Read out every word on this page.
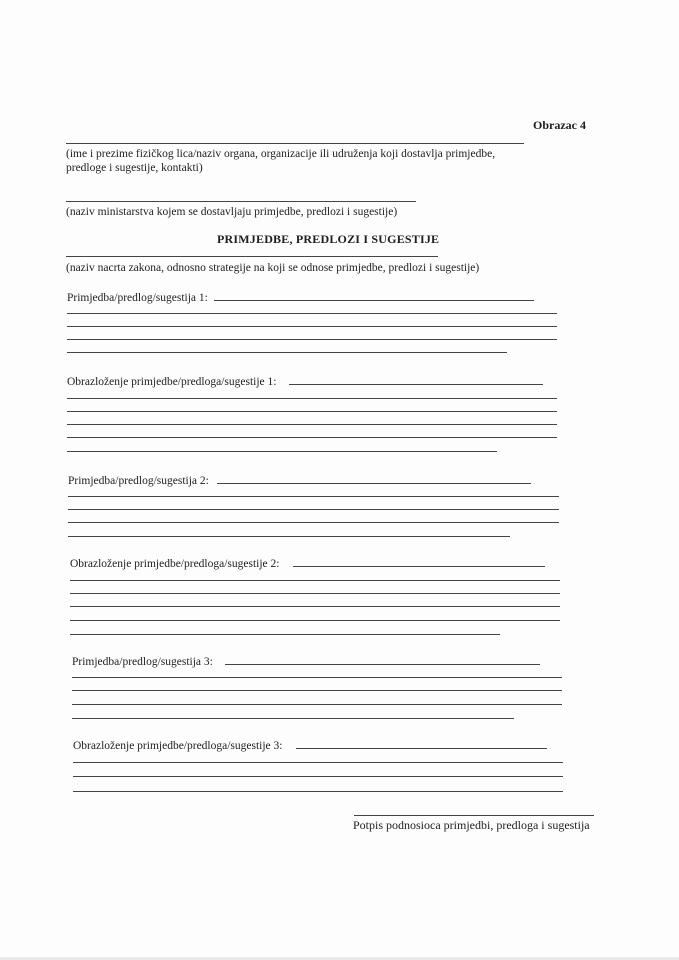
Obrazac 4
(ime i prezime fizičkog lica/naziv organa, organizacije ili udruženja koji dostavlja primjedbe, predloge i sugestije, kontakti)
(naziv ministarstva kojem se dostavljaju primjedbe, predlozi i sugestije)
PRIMJEDBE, PREDLOZI I SUGESTIJE
(naziv nacrta zakona, odnosno strategije na koji se odnose primjedbe, predlozi i sugestije)
Primjedba/predlog/sugestija 1:
Obrazloženje primjedbe/predloga/sugestije 1:
Primjedba/predlog/sugestija 2:
Obrazloženje primjedbe/predloga/sugestije 2:
Primjedba/predlog/sugestija 3:
Obrazloženje primjedbe/predloga/sugestije 3:
Potpis podnosioca primjedbi, predloga i sugestija
